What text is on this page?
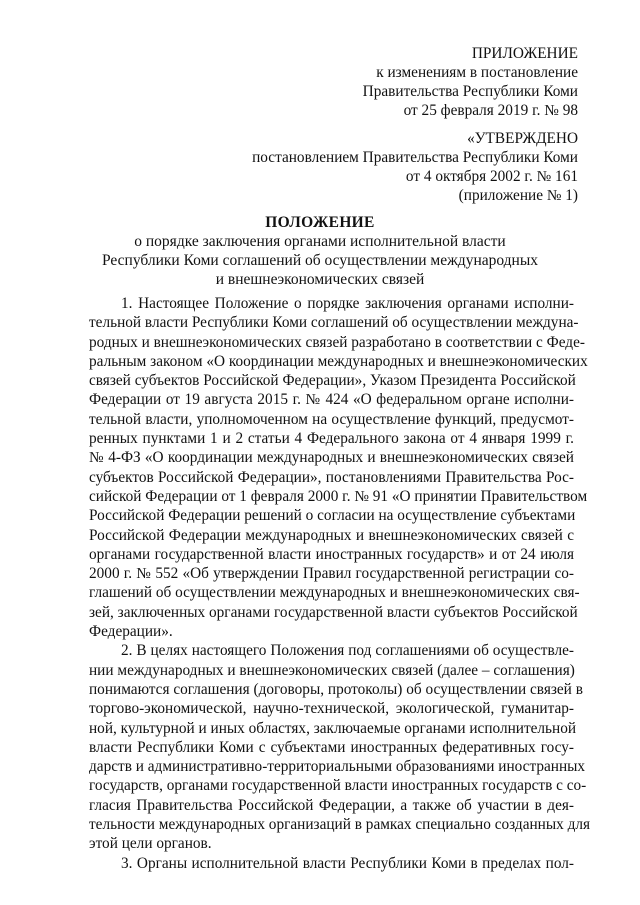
ПРИЛОЖЕНИЕ
к изменениям в постановление
Правительства Республики Коми
от 25 февраля 2019 г. № 98
«УТВЕРЖДЕНО
постановлением Правительства Республики Коми
от 4 октября 2002 г. № 161
(приложение № 1)
ПОЛОЖЕНИЕ
о порядке заключения органами исполнительной власти
Республики Коми соглашений об осуществлении международных
и внешнеэкономических связей
1. Настоящее Положение о порядке заключения органами исполни-
тельной власти Республики Коми соглашений об осуществлении междуна-
родных и внешнеэкономических связей разработано в соответствии с Феде-
ральным законом «О координации международных и внешнеэкономических
связей субъектов Российской Федерации», Указом Президента Российской
Федерации от 19 августа 2015 г. № 424 «О федеральном органе исполни-
тельной власти, уполномоченном на осуществление функций, предусмот-
ренных пунктами 1 и 2 статьи 4 Федерального закона от 4 января 1999 г.
№ 4-ФЗ «О координации международных и внешнеэкономических связей
субъектов Российской Федерации», постановлениями Правительства Рос-
сийской Федерации от 1 февраля 2000 г. № 91 «О принятии Правительством
Российской Федерации решений о согласии на осуществление субъектами
Российской Федерации международных и внешнеэкономических связей с
органами государственной власти иностранных государств» и от 24 июля
2000 г. № 552 «Об утверждении Правил государственной регистрации со-
глашений об осуществлении международных и внешнеэкономических свя-
зей, заключенных органами государственной власти субъектов Российской
Федерации».
2. В целях настоящего Положения под соглашениями об осуществле-
нии международных и внешнеэкономических связей (далее – соглашения)
понимаются соглашения (договоры, протоколы) об осуществлении связей в
торгово-экономической, научно-технической, экологической, гуманитар-
ной, культурной и иных областях, заключаемые органами исполнительной
власти Республики Коми с субъектами иностранных федеративных госу-
дарств и административно-территориальными образованиями иностранных
государств, органами государственной власти иностранных государств с со-
гласия Правительства Российской Федерации, а также об участии в дея-
тельности международных организаций в рамках специально созданных для
этой цели органов.
3. Органы исполнительной власти Республики Коми в пределах пол-
